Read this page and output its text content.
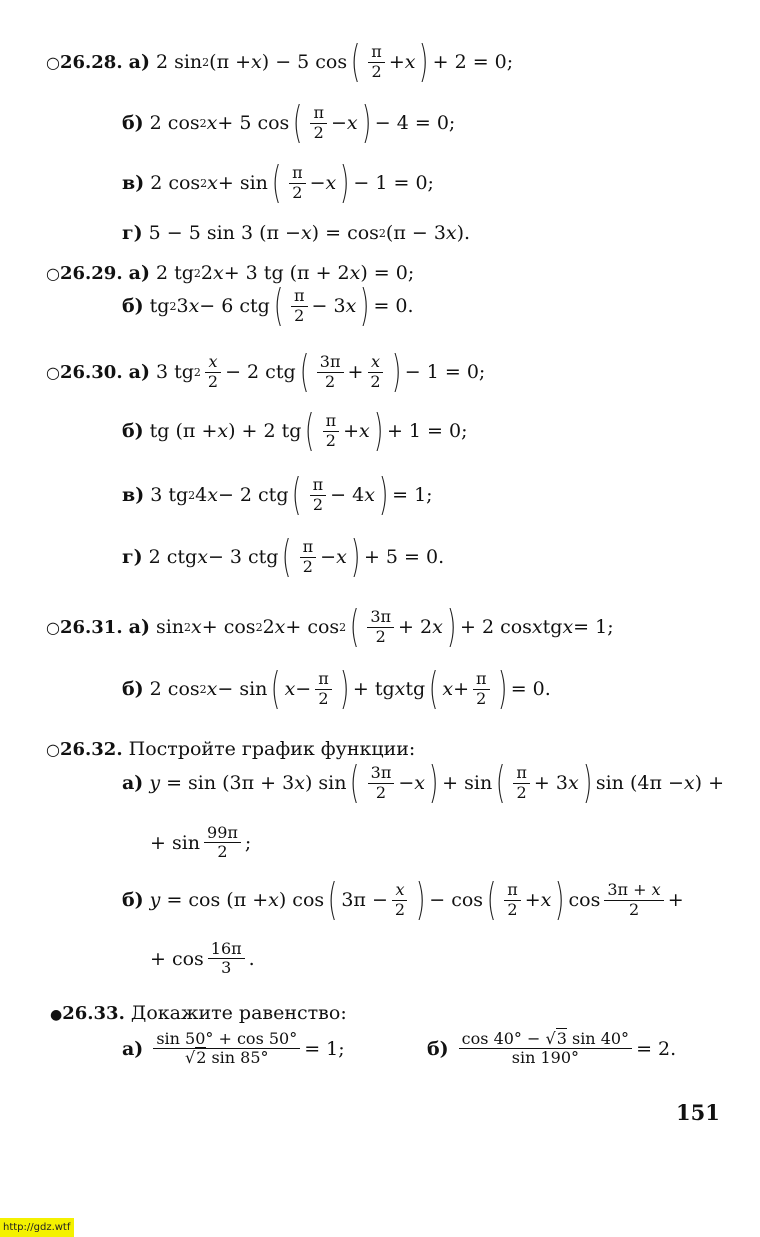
○26.28.
а) 2 sin 2 (π + x ) − 5 cos ( $\frac{\pi}{2} + x$ ) + 2 = 0;
б) 2 cos 2 x + 5 cos ( $\frac{\pi}{2} - x$ ) − 4 = 0;
в) 2 cos 2 x + sin ( $\frac{\pi}{2} - x$ ) − 1 = 0;
г) 5 − 5 sin 3 (π − x ) = cos 2 (π − 3 x ).
○26.29.
а) 2 tg 2 2 x + 3 tg (π + 2 x ) = 0;
б) tg 2 3 x − 6 ctg ( $\frac{\pi}{2} - 3$ x ) = 0.
○26.30.
а) 3 tg $2 \frac{x}{2} - 2$ ctg ( $\frac{3\pi}{2} + \frac{x}{2}$ ) − 1 = 0;
б) tg (π + x ) + 2 tg ( $\frac{\pi}{2} + x$ ) + 1 = 0;
в) 3 tg 2 4 x − 2 ctg ( $\frac{\pi}{2} - 4$ x ) = 1;
г) 2 ctg x − 3 ctg ( $\frac{\pi}{2} - x$ ) + 5 = 0.
○26.31.
а) sin 2 x + cos 2 2 x + cos 2 ( $\frac{3\pi}{2} + 2$ x ) + 2 cos x tg x = 1;
б) 2 cos 2 x − sin ( $x - \frac{\pi}{2}$ ) + tg x tg ( $x + \frac{\pi}{2}$ ) = 0.
○26.32.
Постройте график функции:
а) y = sin (3π + 3 x ) sin ( $\frac{3\pi}{2} - x$ ) + sin ( $\frac{\pi}{2} + 3$ x ) sin (4π − x ) +
+ $\sin \frac{99\pi}{2}$ ;
б) y = cos (π + x ) cos ( $3\pi - \frac{x}{2}$ ) − cos ( $\frac{\pi}{2} + x$ ) $\cos \frac{3\pi + x}{2}$ +
+ $\cos \frac{16\pi}{3}$ .
●26.33.
Докажите равенство:
$а) \frac{\sin 50^\circ + \cos 50^\circ}{√2 \sin 85^\circ} = 1$;	$б) \frac{\cos 40^\circ - √3 \sin 40^\circ}{\sin 190^\circ} = 2$.
151
http://gdz.wtf
